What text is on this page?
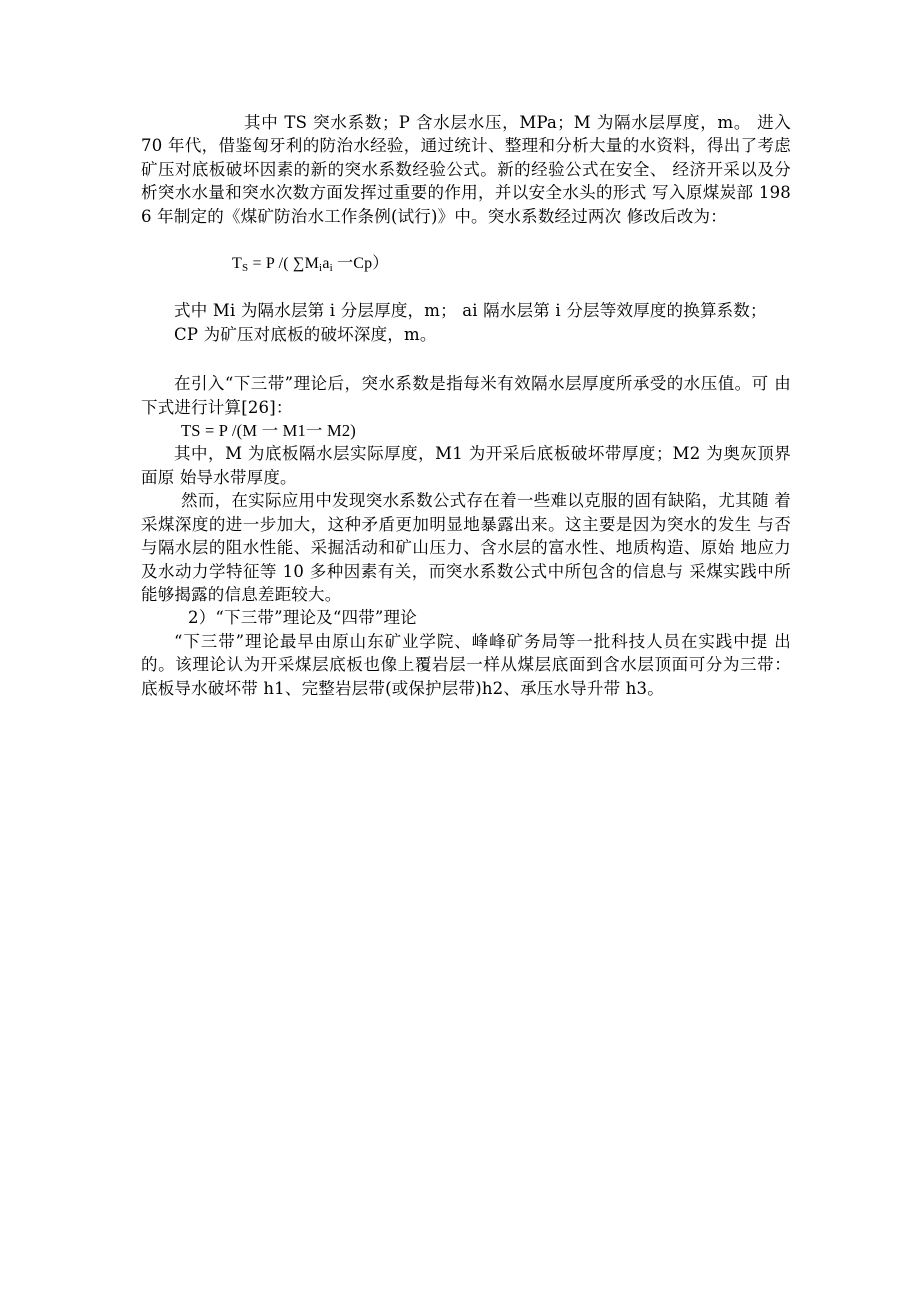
其中 TS 突水系数；P 含水层水压，MPa；M 为隔水层厚度，m。 进入 70 年代，借鉴匈牙利的防治水经验，通过统计、整理和分析大量的水资料，得出了考虑矿压对底板破坏因素的新的突水系数经验公式。新的经验公式在安全、 经济开采以及分析突水水量和突水次数方面发挥过重要的作用，并以安全水头的形式 写入原煤炭部 1986 年制定的《煤矿防治水工作条例(试行)》中。突水系数经过两次 修改后改为：

$T_S = P$ /( $\sum M_ia_i$ 一Cp）

式中 Mi 为隔水层第 i 分层厚度，m； ai 隔水层第 i 分层等效厚度的换算系数；

CP 为矿压对底板的破坏深度，m。

在引入“下三带”理论后，突水系数是指每米有效隔水层厚度所承受的水压值。可 由下式进行计算[26]：

TS = P /(M 一 M1一 M2)

其中，M 为底板隔水层实际厚度，M1 为开采后底板破坏带厚度；M2 为奥灰顶界面原 始导水带厚度。

然而，在实际应用中发现突水系数公式存在着一些难以克服的固有缺陷，尤其随 着采煤深度的进一步加大，这种矛盾更加明显地暴露出来。这主要是因为突水的发生 与否与隔水层的阻水性能、采掘活动和矿山压力、含水层的富水性、地质构造、原始 地应力及水动力学特征等 10 多种因素有关，而突水系数公式中所包含的信息与 采煤实践中所能够揭露的信息差距较大。

2）“下三带”理论及“四带”理论

“下三带”理论最早由原山东矿业学院、峰峰矿务局等一批科技人员在实践中提 出的。该理论认为开采煤层底板也像上覆岩层一样从煤层底面到含水层顶面可分为三带：底板导水破坏带 h1、完整岩层带(或保护层带)h2、承压水导升带 h3。
